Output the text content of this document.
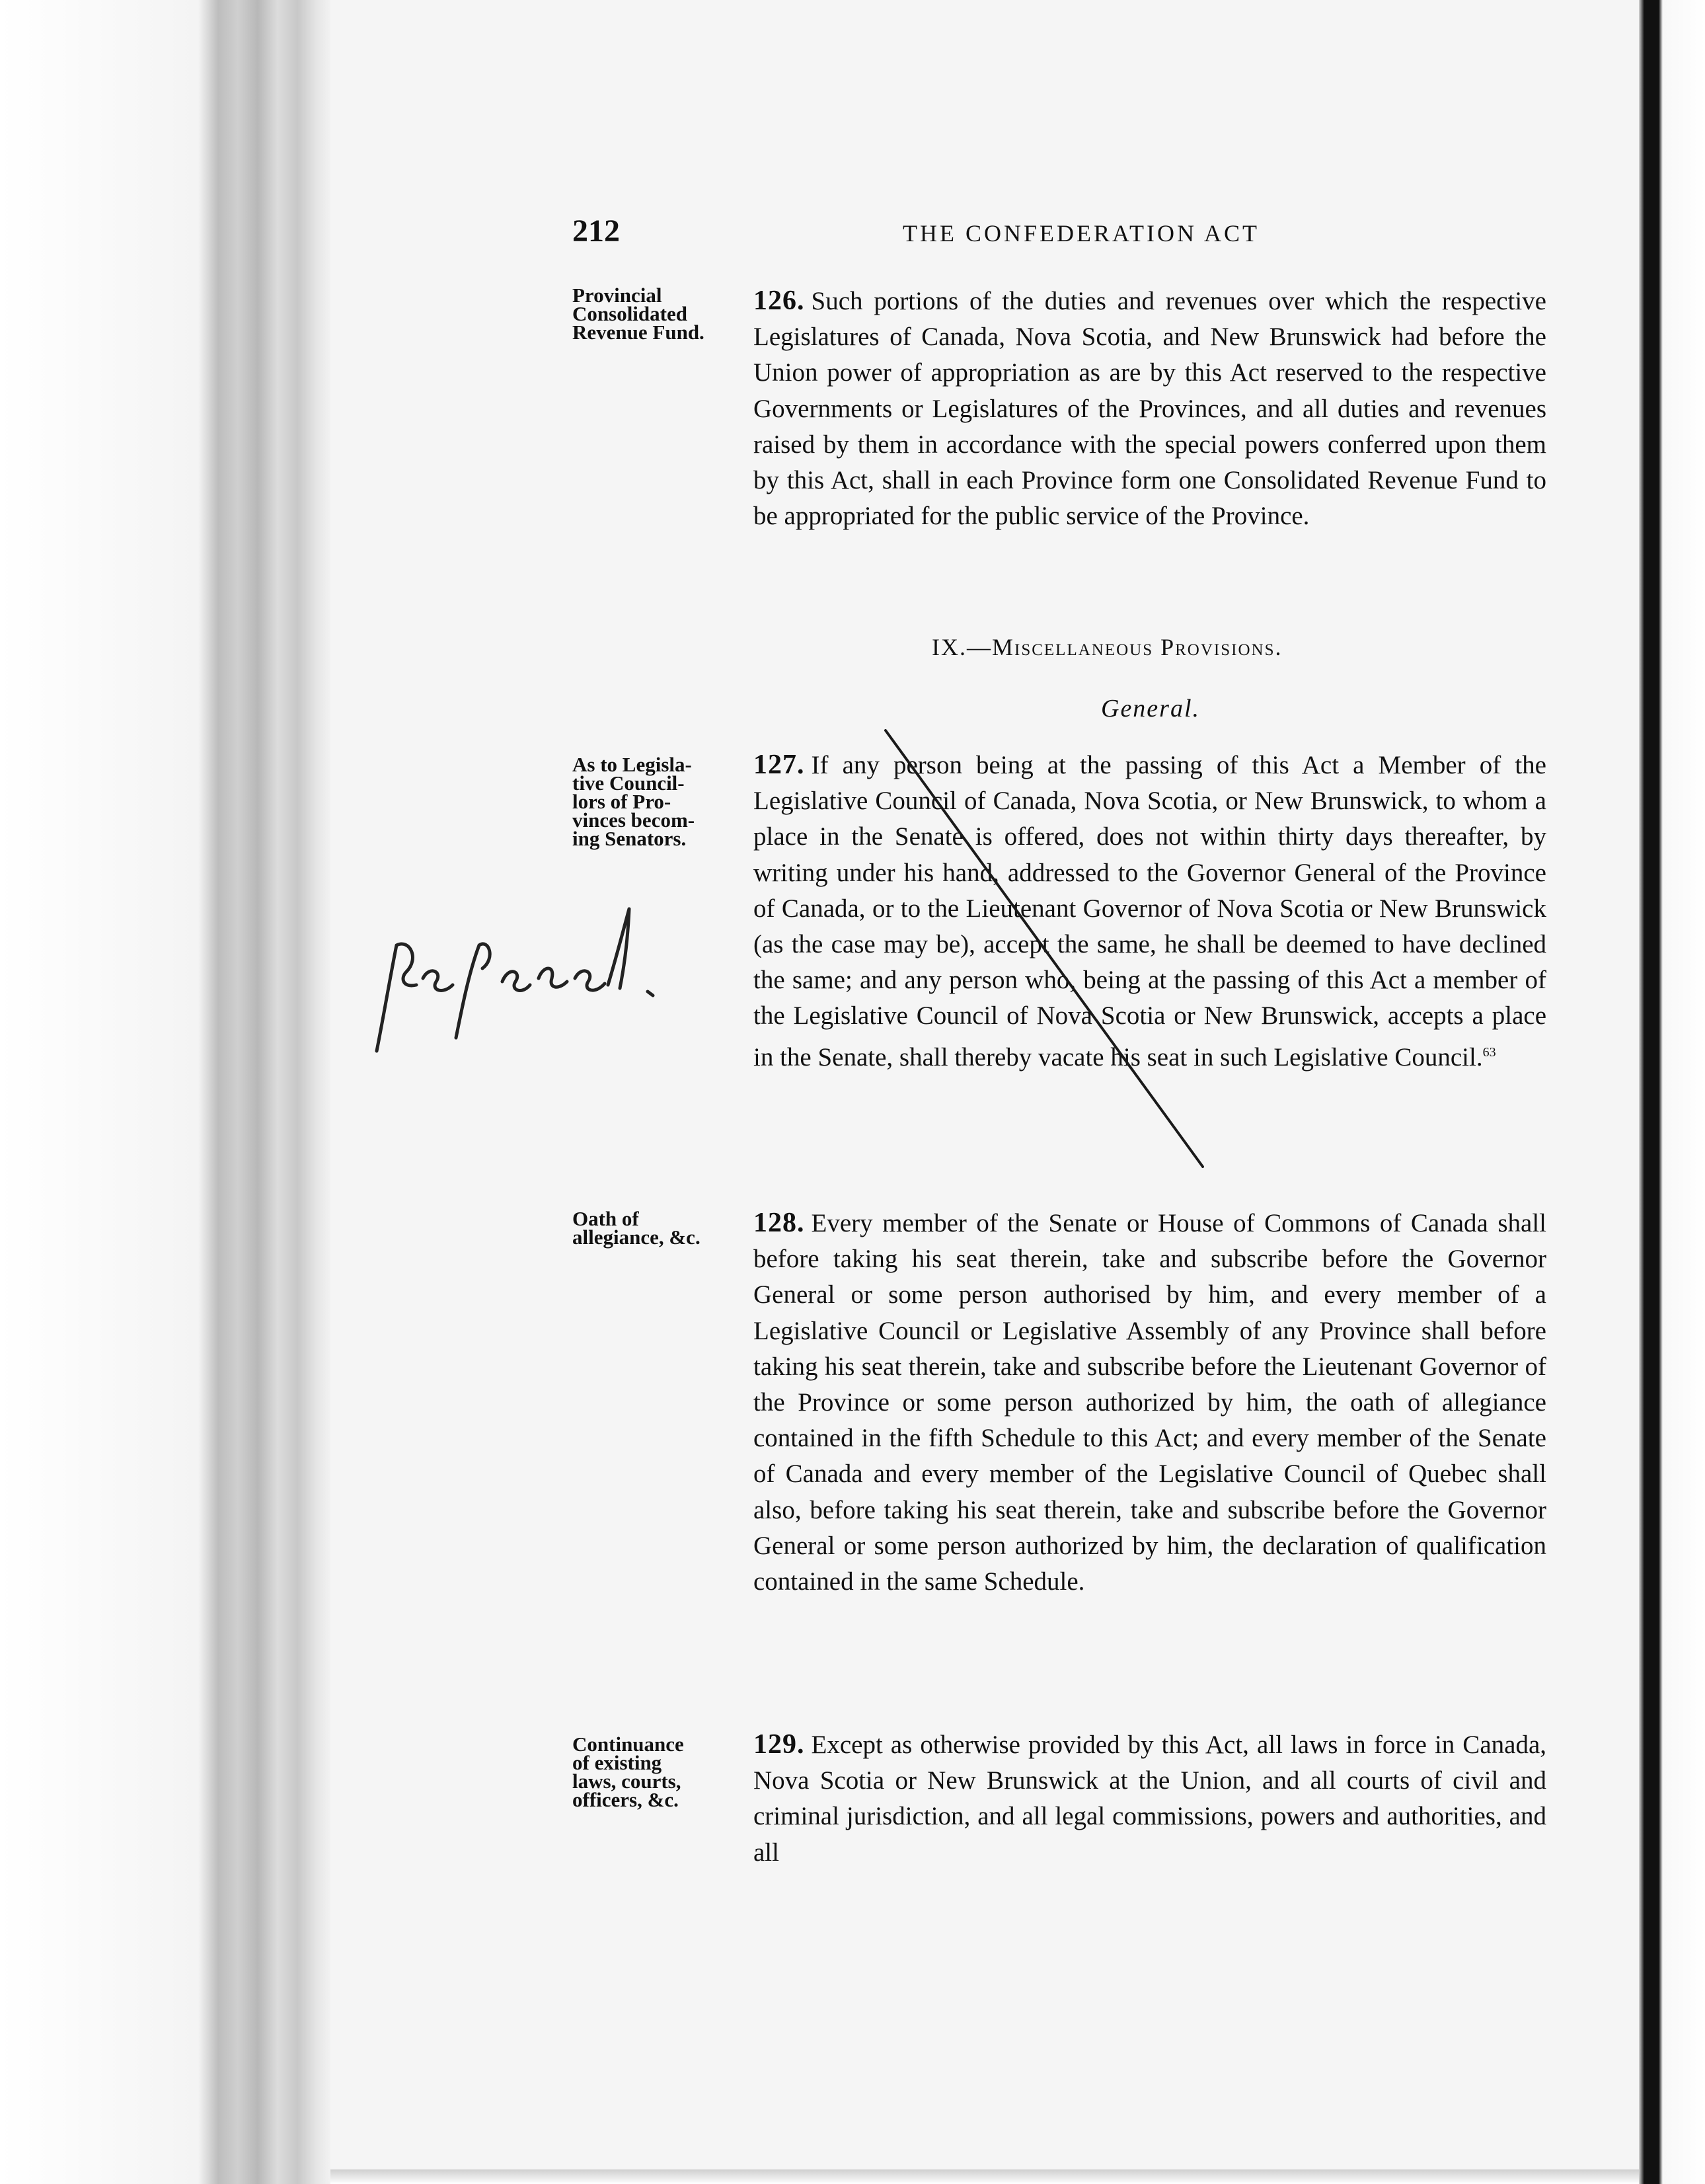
212	THE CONFEDERATION ACT
Provincial
Consolidated
Revenue Fund.
126. Such portions of the duties and revenues over which the respective Legislatures of Canada, Nova Scotia, and New Brunswick had before the Union power of appropriation as are by this Act reserved to the respective Governments or Legislatures of the Provinces, and all duties and revenues raised by them in accordance with the special powers conferred upon them by this Act, shall in each Province form one Consolidated Revenue Fund to be appropriated for the public service of the Province.
IX.—Miscellaneous Provisions.
General.
As to Legisla-
tive Council-
lors of Pro-
vinces becom-
ing Senators.
127. If any person being at the passing of this Act a Member of the Legislative Council of Canada, Nova Scotia, or New Brunswick, to whom a place in the Senate is offered, does not within thirty days thereafter, by writing under his hand, addressed to the Governor General of the Province of Canada, or to the Lieutenant Governor of Nova Scotia or New Brunswick (as the case may be), accept the same, he shall be deemed to have declined the same; and any person who, being at the passing of this Act a member of the Legislative Council of Nova Scotia or New Brunswick, accepts a place in the Senate, shall thereby vacate his seat in such Legislative Council.$^{63}$
Oath of
allegiance, &c.	128. Every member of the Senate or House of Commons of Canada shall before taking his seat therein, take and subscribe before the Governor General or some person authorised by him, and every member of a Legislative Council or Legislative Assembly of any Province shall before taking his seat therein, take and subscribe before the Lieutenant Governor of the Province or some person authorized by him, the oath of allegiance contained in the fifth Schedule to this Act; and every member of the Senate of Canada and every member of the Legislative Council of Quebec shall also, before taking his seat therein, take and subscribe before the Governor General or some person authorized by him, the declaration of qualification contained in the same Schedule.
Continuance
of existing
laws, courts,
officers, &c.
129. Except as otherwise provided by this Act, all laws in force in Canada, Nova Scotia or New Brunswick at the Union, and all courts of civil and criminal jurisdiction, and all legal commissions, powers and authorities, and all
